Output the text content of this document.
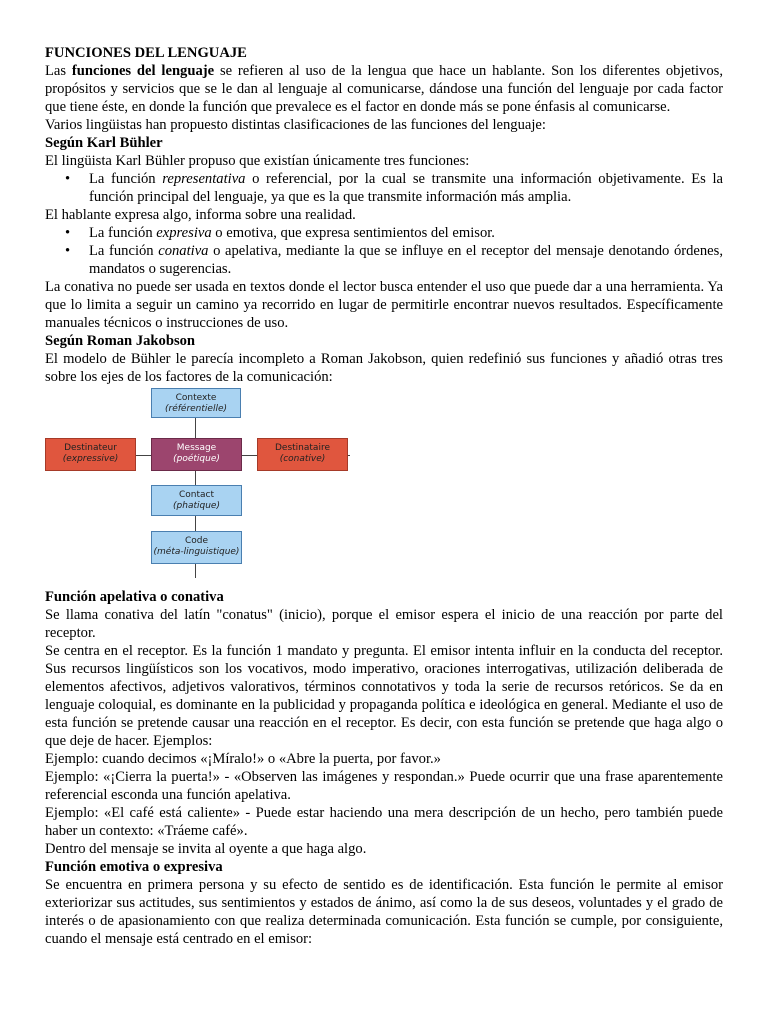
FUNCIONES DEL LENGUAJE

Las funciones del lenguaje se refieren al uso de la lengua que hace un hablante. Son los diferentes objetivos, propósitos y servicios que se le dan al lenguaje al comunicarse, dándose una función del lenguaje por cada factor que tiene éste, en donde la función que prevalece es el factor en donde más se pone énfasis al comunicarse.

Varios lingüistas han propuesto distintas clasificaciones de las funciones del lenguaje:

Según Karl Bühler

El lingüista Karl Bühler propuso que existían únicamente tres funciones:

• La función representativa o referencial, por la cual se transmite una información objetivamente. Es la función principal del lenguaje, ya que es la que transmite información más amplia.

El hablante expresa algo, informa sobre una realidad.

• La función expresiva o emotiva, que expresa sentimientos del emisor.
• La función conativa o apelativa, mediante la que se influye en el receptor del mensaje denotando órdenes, mandatos o sugerencias.

La conativa no puede ser usada en textos donde el lector busca entender el uso que puede dar a una herramienta. Ya que lo limita a seguir un camino ya recorrido en lugar de permitirle encontrar nuevos resultados. Específicamente manuales técnicos o instrucciones de uso.

Según Roman Jakobson

El modelo de Bühler le parecía incompleto a Roman Jakobson, quien redefinió sus funciones y añadió otras tres sobre los ejes de los factores de la comunicación:

Contexte
(référentielle)
Destinateur
(expressive)
Message
(poétique)
Destinataire
(conative)
Contact
(phatique)
Code
(méta-linguistique)

Función apelativa o conativa

Se llama conativa del latín "conatus" (inicio), porque el emisor espera el inicio de una reacción por parte del receptor.

Se centra en el receptor. Es la función 1 mandato y pregunta. El emisor intenta influir en la conducta del receptor. Sus recursos lingüísticos son los vocativos, modo imperativo, oraciones interrogativas, utilización deliberada de elementos afectivos, adjetivos valorativos, términos connotativos y toda la serie de recursos retóricos. Se da en lenguaje coloquial, es dominante en la publicidad y propaganda política e ideológica en general. Mediante el uso de esta función se pretende causar una reacción en el receptor. Es decir, con esta función se pretende que haga algo o que deje de hacer. Ejemplos:

Ejemplo: cuando decimos «¡Míralo!» o «Abre la puerta, por favor.»

Ejemplo: «¡Cierra la puerta!» - «Observen las imágenes y respondan.» Puede ocurrir que una frase aparentemente referencial esconda una función apelativa.

Ejemplo: «El café está caliente» - Puede estar haciendo una mera descripción de un hecho, pero también puede haber un contexto: «Tráeme café».

Dentro del mensaje se invita al oyente a que haga algo.

Función emotiva o expresiva

Se encuentra en primera persona y su efecto de sentido es de identificación. Esta función le permite al emisor exteriorizar sus actitudes, sus sentimientos y estados de ánimo, así como la de sus deseos, voluntades y el grado de interés o de apasionamiento con que realiza determinada comunicación. Esta función se cumple, por consiguiente, cuando el mensaje está centrado en el emisor:
